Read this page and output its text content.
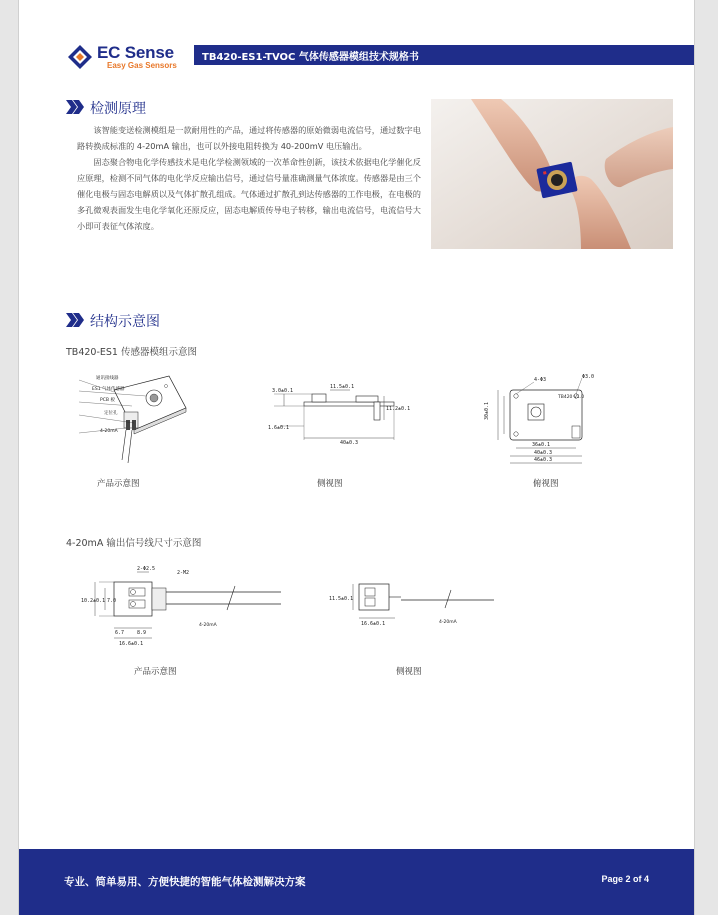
EC Sense
Easy Gas Sensors
TB420-ES1-TVOC 气体传感器模组技术规格书
检测原理

该智能变送检测模组是一款耐用性的产品，通过将传感器的原始微弱电流信号，通过数字电路转换成标准的 4-20mA 输出，也可以外接电阻转换为 40-200mV 电压输出。

固态聚合物电化学传感技术是电化学检测领域的一次革命性创新，该技术依据电化学催化反应原理，检测不同气体的电化学反应输出信号，通过信号量准确测量气体浓度。传感器是由三个催化电极与固态电解质以及气体扩散孔组成。气体通过扩散孔到达传感器的工作电极，在电极的多孔微观表面发生电化学氧化还原反应，固态电解质传导电子转移，输出电流信号，电流信号大小即可表征气体浓度。

结构示意图
TB420-ES1 传感器模组示意图
通讯接线器
ES1 气体传感器
PCB 板
定位孔
4-20mA
产品示意图
3.0±0.1
11.5±0.1
11.2±0.1
1.6±0.1
40±0.3
侧视图
TB420 V1.0
30±0.1
36±0.1
40±0.3
46±0.3
Φ3.0
4-Φ3
俯视图
4-20mA 输出信号线尺寸示意图
2-Φ2.5
2-M2
10.2±0.1 7.0
6.7	8.9
16.6±0.1
4-20mA
产品示意图
11.5±0.1
16.6±0.1	4-20mA
侧视图
专业、简单易用、方便快捷的智能气体检测解决方案	Page 2 of 4
